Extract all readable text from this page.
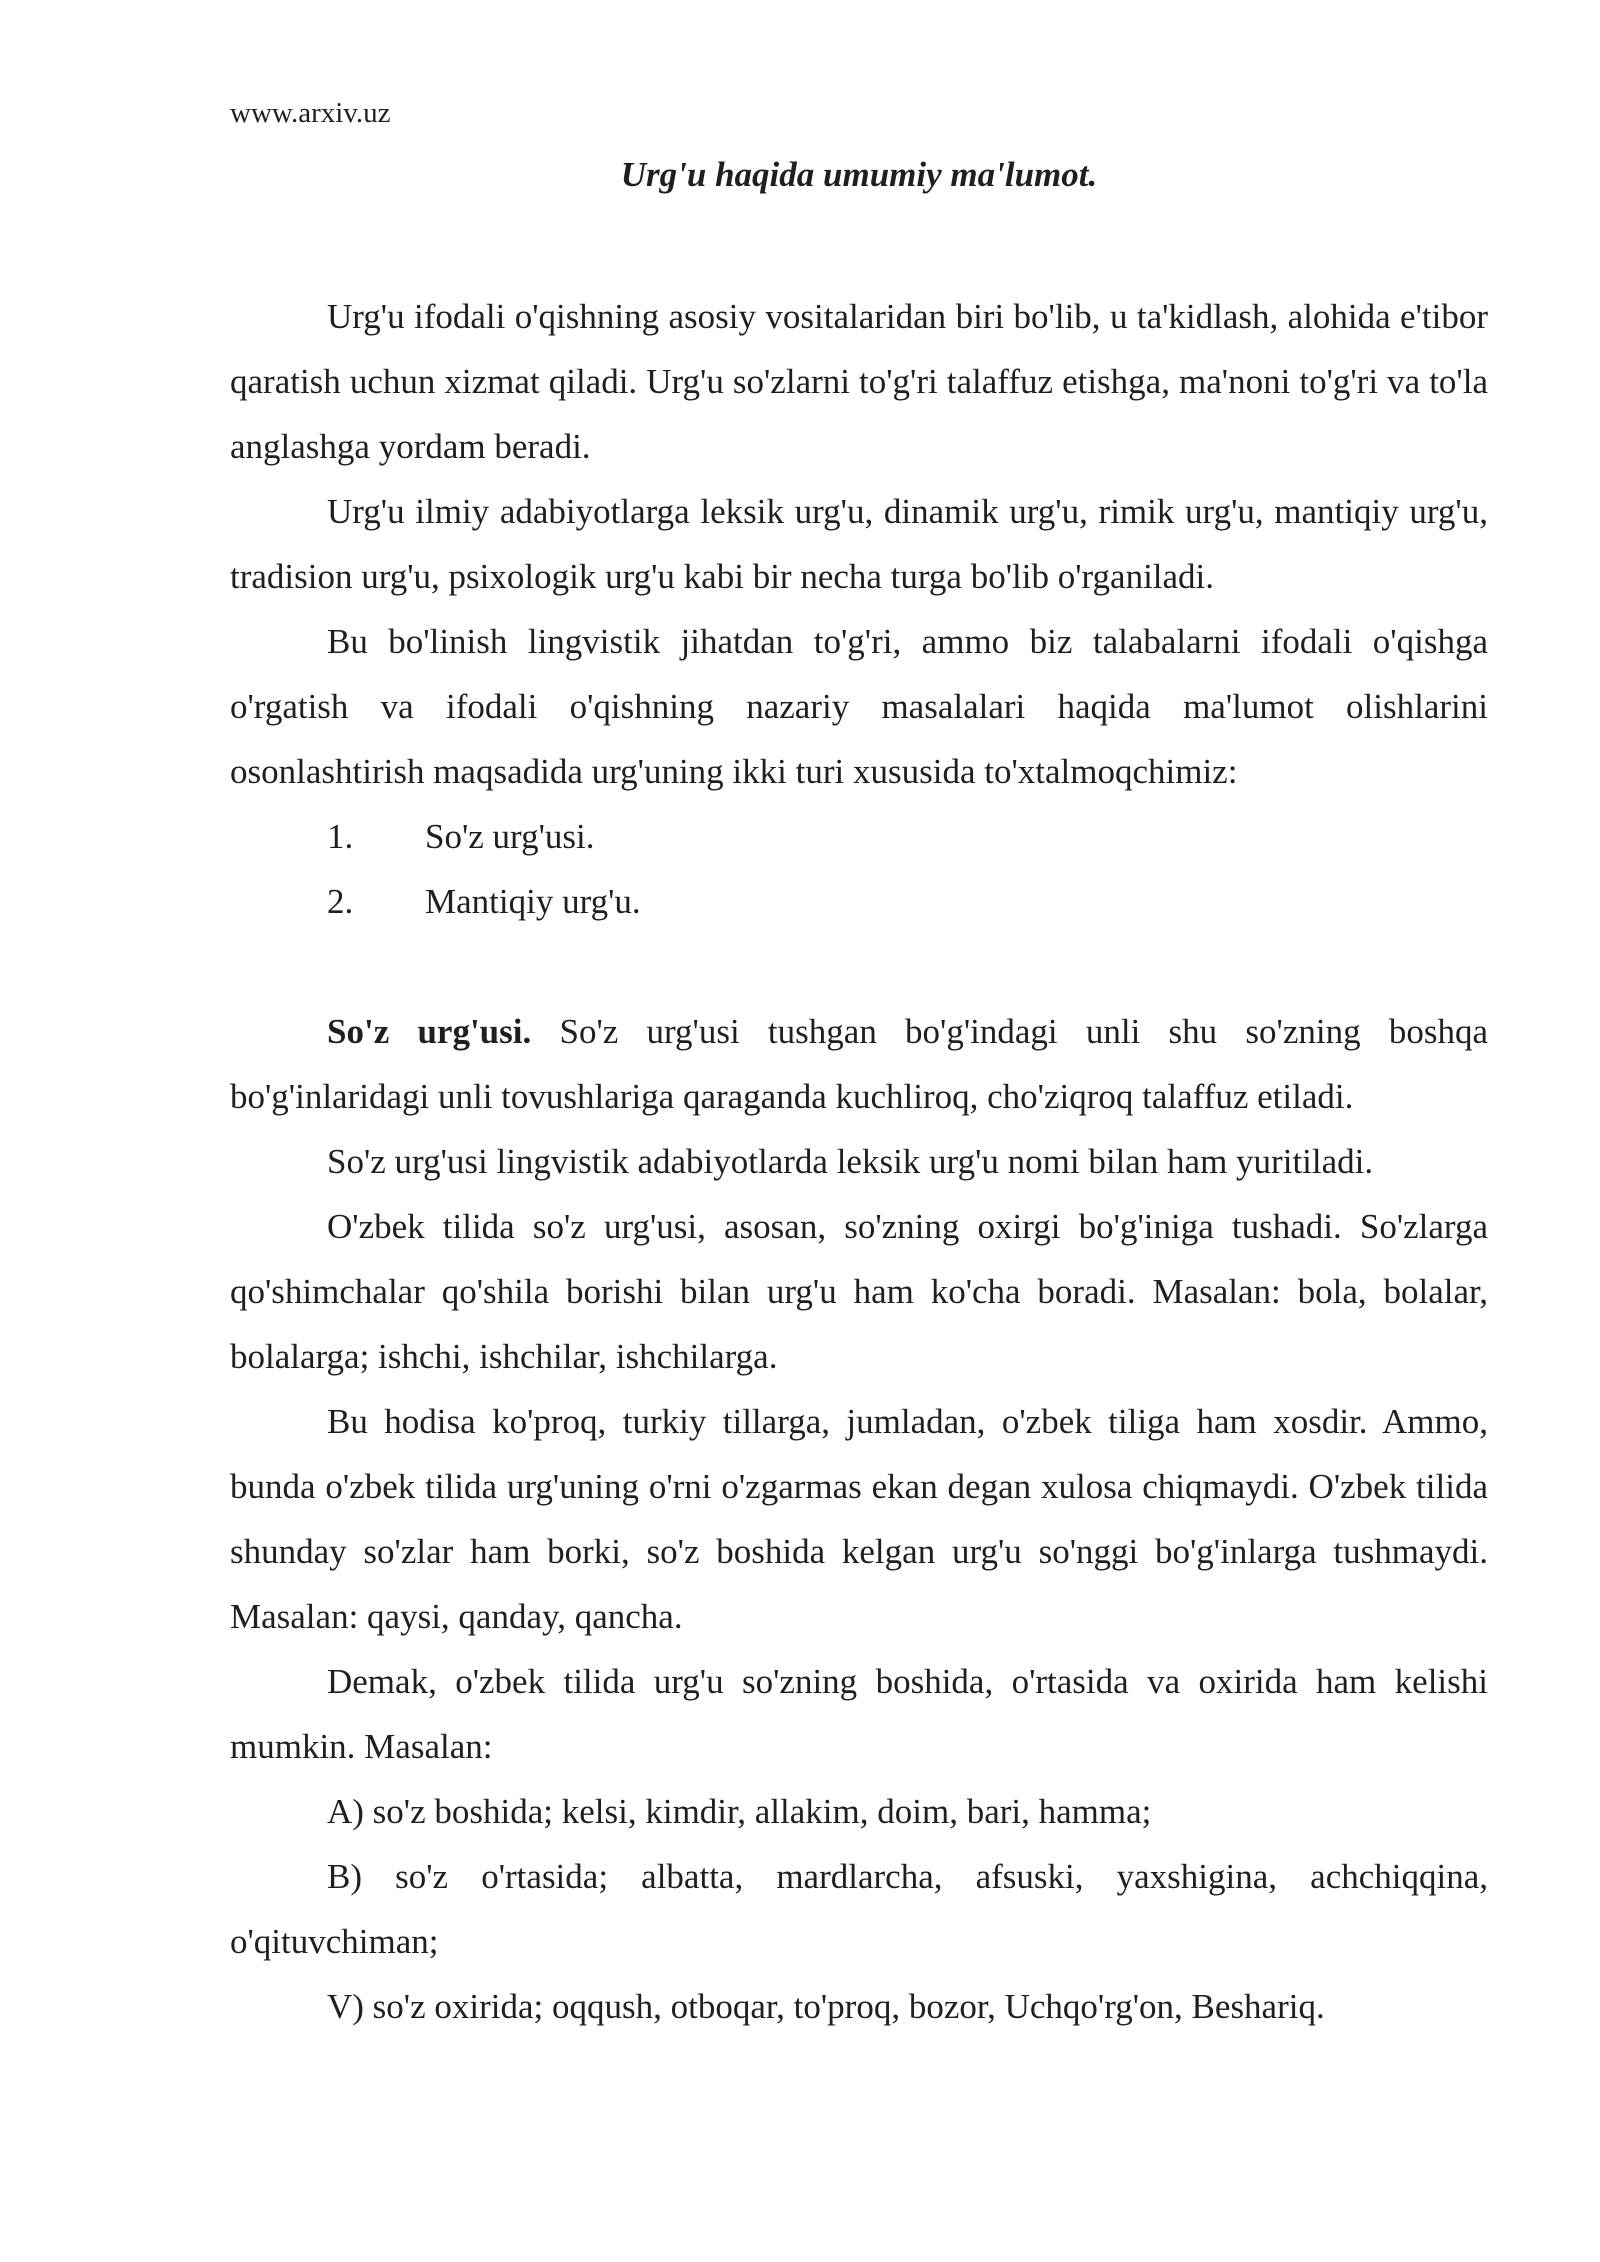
www.arxiv.uz
Urg'u haqida umumiy ma'lumot.

Urg'u ifodali o'qishning asosiy vositalaridan biri bo'lib, u ta'kidlash, alohida e'tibor qaratish uchun xizmat qiladi. Urg'u so'zlarni to'g'ri talaffuz etishga, ma'noni to'g'ri va to'la anglashga yordam beradi.

Urg'u ilmiy adabiyotlarga leksik urg'u, dinamik urg'u, rimik urg'u, mantiqiy urg'u, tradision urg'u, psixologik urg'u kabi bir necha turga bo'lib o'rganiladi.

Bu bo'linish lingvistik jihatdan to'g'ri, ammo biz talabalarni ifodali o'qishga o'rgatish va ifodali o'qishning nazariy masalalari haqida ma'lumot olishlarini osonlashtirish maqsadida urg'uning ikki turi xususida to'xtalmoqchimiz:

1.	So'z urg'usi.
2.	Mantiqiy urg'u.

So'z urg'usi. So'z urg'usi tushgan bo'g'indagi unli shu so'zning boshqa bo'g'inlaridagi unli tovushlariga qaraganda kuchliroq, cho'ziqroq talaffuz etiladi.

So'z urg'usi lingvistik adabiyotlarda leksik urg'u nomi bilan ham yuritiladi.

O'zbek tilida so'z urg'usi, asosan, so'zning oxirgi bo'g'iniga tushadi. So'zlarga qo'shimchalar qo'shila borishi bilan urg'u ham ko'cha boradi. Masalan: bola, bolalar, bolalarga; ishchi, ishchilar, ishchilarga.

Bu hodisa ko'proq, turkiy tillarga, jumladan, o'zbek tiliga ham xosdir. Ammo, bunda o'zbek tilida urg'uning o'rni o'zgarmas ekan degan xulosa chiqmaydi. O'zbek tilida shunday so'zlar ham borki, so'z boshida kelgan urg'u so'nggi bo'g'inlarga tushmaydi. Masalan: qaysi, qanday, qancha.

Demak, o'zbek tilida urg'u so'zning boshida, o'rtasida va oxirida ham kelishi mumkin. Masalan:

A) so'z boshida; kelsi, kimdir, allakim, doim, bari, hamma;

B) so'z o'rtasida; albatta, mardlarcha, afsuski, yaxshigina, achchiqqina, o'qituvchiman;

V) so'z oxirida; oqqush, otboqar, to'proq, bozor, Uchqo'rg'on, Beshariq.
